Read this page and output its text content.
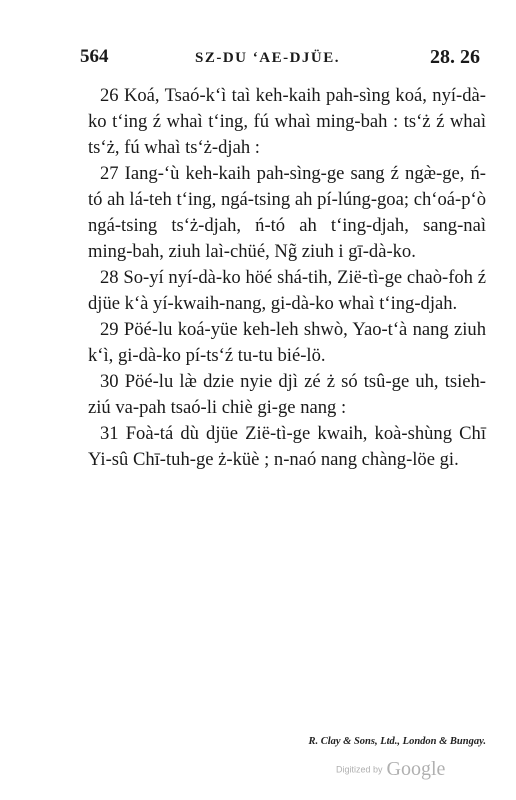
564	SZ-DU ‘AE-DJÜE.	28. 26

26 Koá, Tsaó-k‘ì taì keh-kaih pah-sìng koá, nyí-dà-ko t‘ing ź whaì t‘ing, fú whaì ming-bah : ts‘ż ź whaì ts‘ż, fú whaì ts‘ż-djah :

27 Iang-‘ù keh-kaih pah-sìng-ge sang ź ngæ̀-ge, ń-tó ah lá-teh t‘ing, ngá-tsing ah pí-lúng-goa; ch‘oá-p‘ò ngá-tsing ts‘ż-djah, ń-tó ah t‘ing-djah, sang-naì ming-bah, ziuh laì-chüé, Ng̃ ziuh i gī-dà-ko.

28 So-yí nyí-dà-ko höé shá-tih, Zië-tì-ge chaò-foh ź djüe k‘à yí-kwaih-nang, gi-dà-ko whaì t‘ing-djah.

29 Pöé-lu koá-yüe keh-leh shwò, Yao-t‘à nang ziuh k‘ì, gi-dà-ko pí-ts‘ź tu-tu bié-lö.

30 Pöé-lu læ̀ dzie nyie djì zé ż só tsû-ge uh, tsieh-ziú va-pah tsaó-li chiè gi-ge nang :

31 Foà-tá dù djüe Zië-tì-ge kwaih, koà-shùng Chī Yi-sû Chī-tuh-ge ż-küè ; n-naó nang chàng-löe gi.

R. Clay & Sons, Ltd., London & Bungay.
Digitized by Google
